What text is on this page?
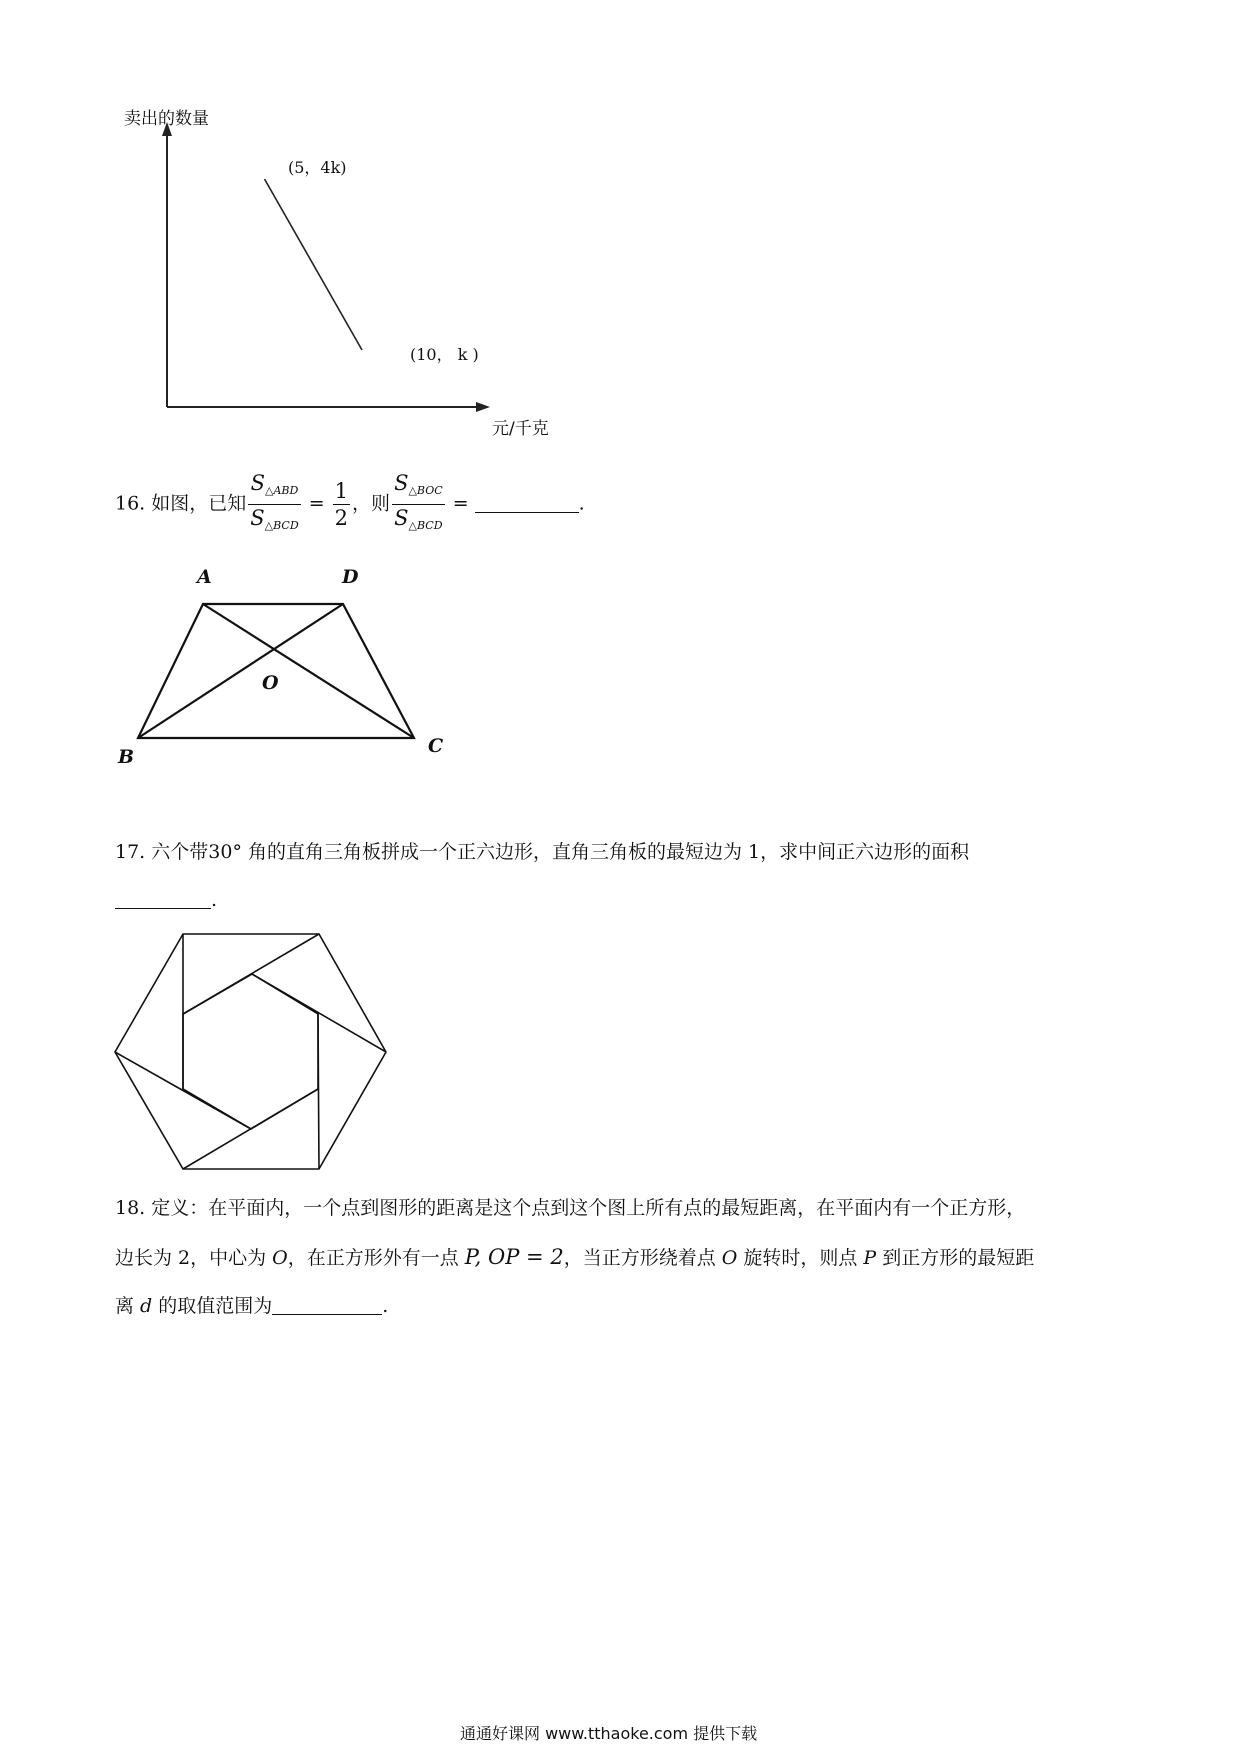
卖出的数量
元/千克
(5，4k)
(10， k )
16. 如图，已知 $\frac{S_{\triangle ABD}}{S_{\triangle BCD}} = \frac{1}{2}$ ，则 $\frac{S_{\triangle BOC}}{S_{\triangle BCD}}$ =	.
A	D
O
B	C
17. 六个带30° 角的直角三角板拼成一个正六边形，直角三角板的最短边为 1，求中间正六边形的面积
.
18. 定义：在平面内，一个点到图形的距离是这个点到这个图上所有点的最短距离，在平面内有一个正方形，
边长为 2，中心为 O，在正方形外有一点 P, OP = 2，当正方形绕着点 O 旋转时，则点 P 到正方形的最短距
离 d 的取值范围为	.
通通好课网 www.tthaoke.com 提供下载
